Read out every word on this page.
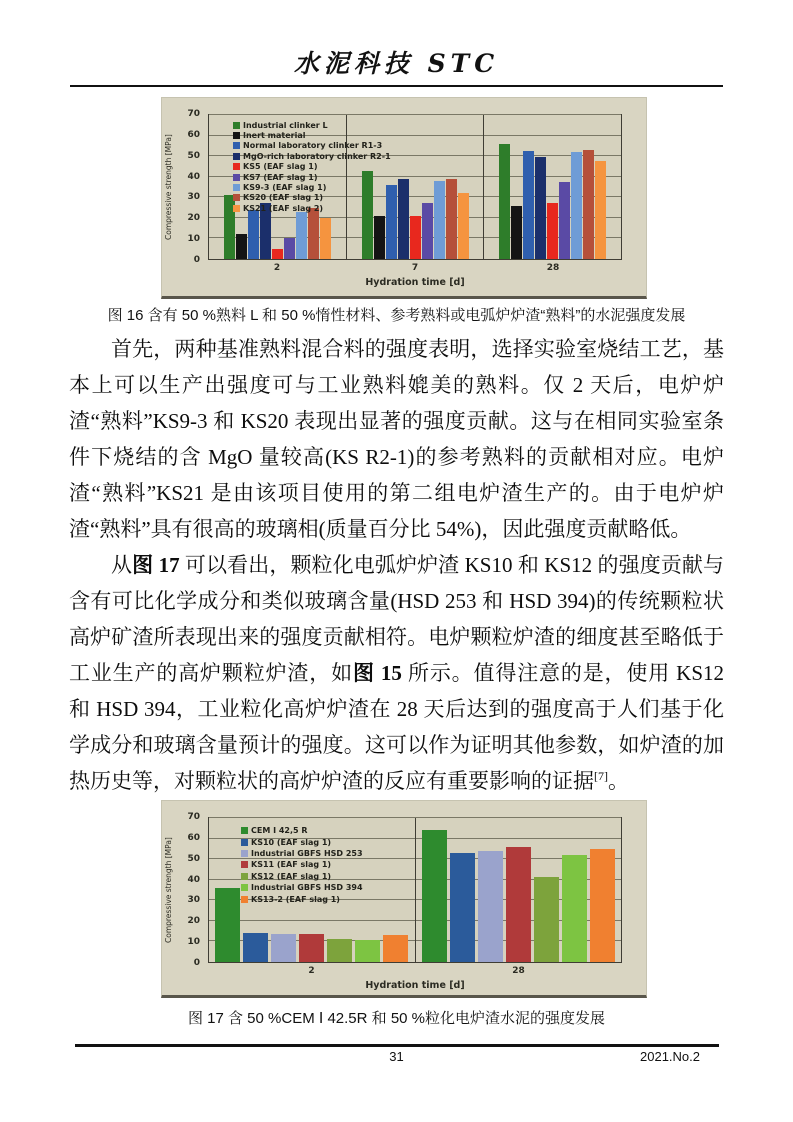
水泥科技 STC
Compressive strength [MPa]
0
10
20
30
40
50
60
70
Industrial clinker L
Inert material
Normal laboratory clinker R1-3
MgO-rich laboratory clinker R2-1
KS5 (EAF slag 1)
KS7 (EAF slag 1)
KS9-3 (EAF slag 1)
KS20 (EAF slag 1)
KS21 (EAF slag 2)
2	7	28
Hydration time [d]
图 16 含有 50 %熟料 L 和 50 %惰性材料、参考熟料或电弧炉炉渣“熟料”的水泥强度发展

首先，两种基准熟料混合料的强度表明，选择实验室烧结工艺，基本上可以生产出强度可与工业熟料媲美的熟料。仅 2 天后，电炉炉渣“熟料”KS9-3 和 KS20 表现出显著的强度贡献。这与在相同实验室条件下烧结的含 MgO 量较高(KS R2-1)的参考熟料的贡献相对应。电炉渣“熟料”KS21 是由该项目使用的第二组电炉渣生产的。由于电炉炉渣“熟料”具有很高的玻璃相(质量百分比 54%)，因此强度贡献略低。

从图 17 可以看出，颗粒化电弧炉炉渣 KS10 和 KS12 的强度贡献与含有可比化学成分和类似玻璃含量(HSD 253 和 HSD 394)的传统颗粒状高炉矿渣所表现出来的强度贡献相符。电炉颗粒炉渣的细度甚至略低于工业生产的高炉颗粒炉渣，如图 15 所示。值得注意的是，使用 KS12 和 HSD 394，工业粒化高炉炉渣在 28 天后达到的强度高于人们基于化学成分和玻璃含量预计的强度。这可以作为证明其他参数，如炉渣的加热历史等，对颗粒状的高炉炉渣的反应有重要影响的证据[7]。

Compressive strength [MPa]
0
10
20
30
40
50
60
70
CEM I 42,5 R
KS10 (EAF slag 1)
Industrial GBFS HSD 253
KS11 (EAF slag 1)
KS12 (EAF slag 1)
Industrial GBFS HSD 394
KS13-2 (EAF slag 1)
2	28
Hydration time [d]
图 17 含 50 %CEM Ⅰ 42.5R 和 50 %粒化电炉渣水泥的强度发展
31	2021.No.2
